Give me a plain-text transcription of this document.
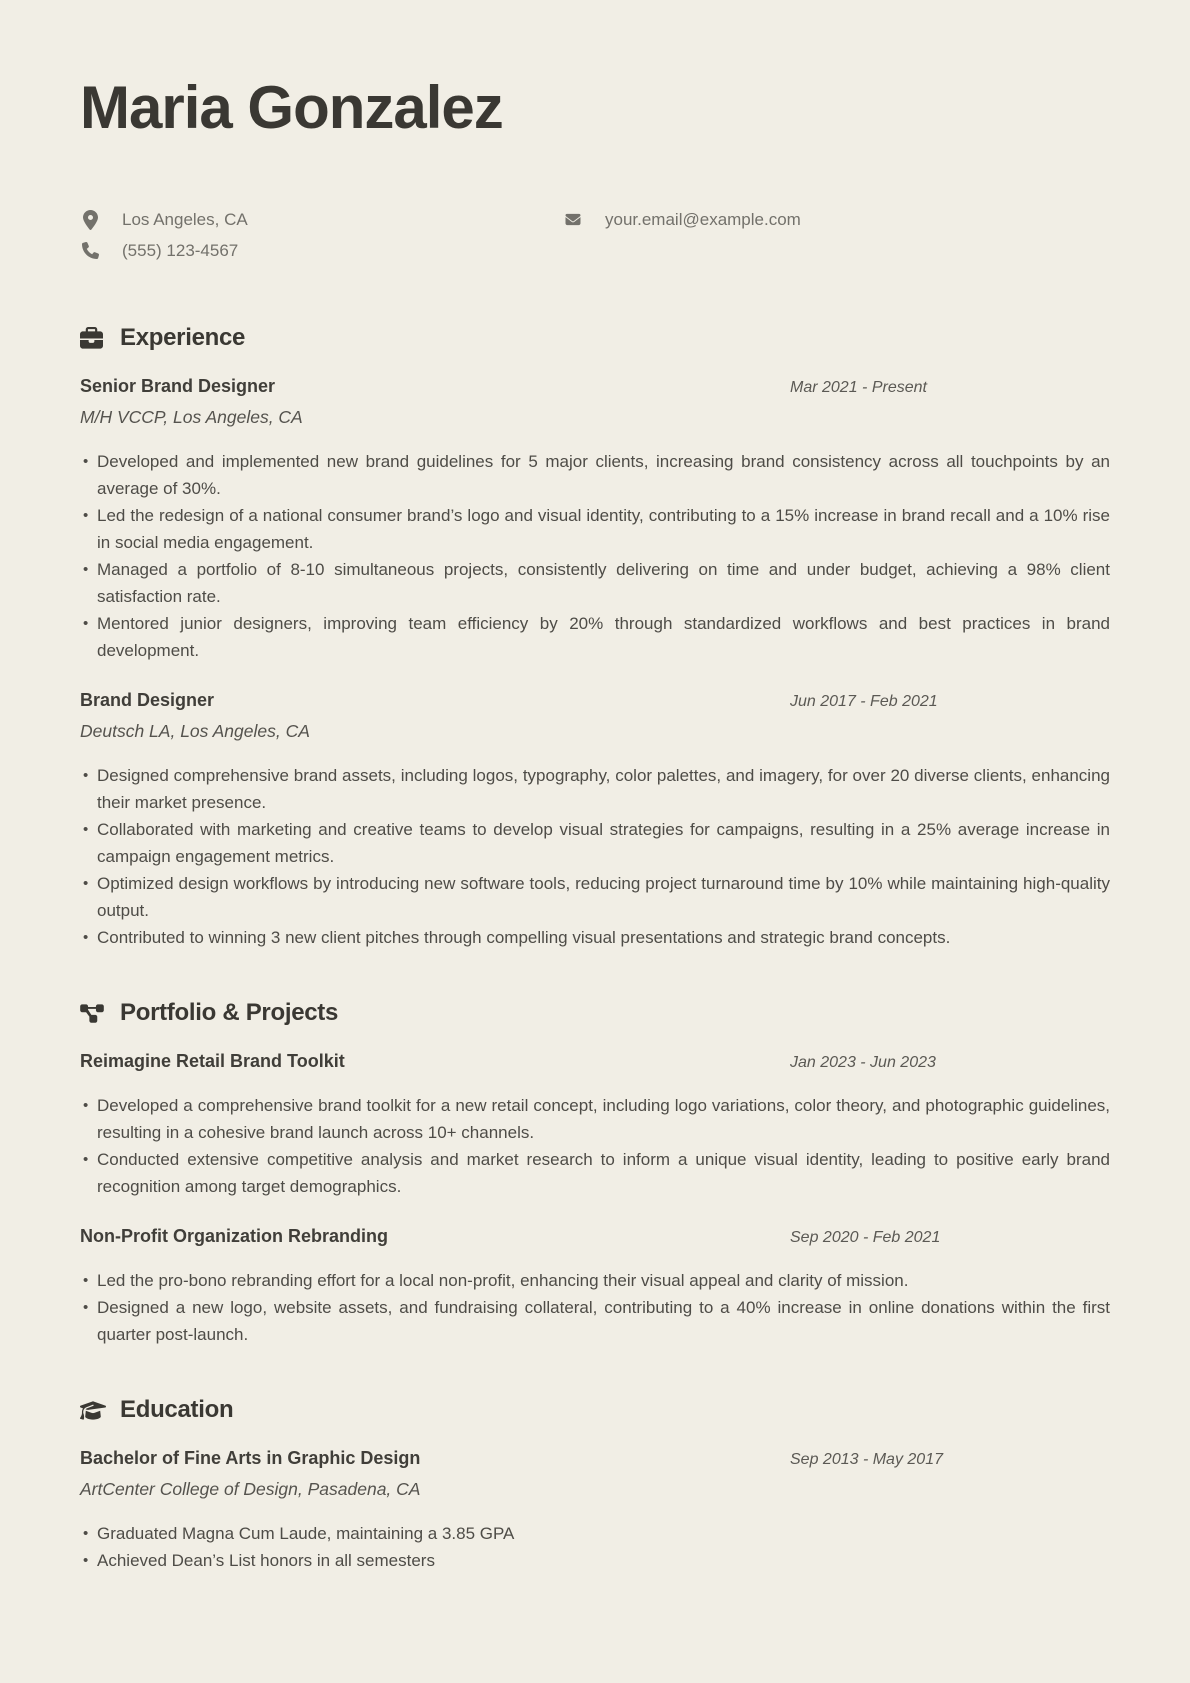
Maria Gonzalez
Los Angeles, CA
(555) 123-4567
your.email@example.com
Experience
Senior Brand Designer	Mar 2021 - Present
M/H VCCP, Los Angeles, CA
• Developed and implemented new brand guidelines for 5 major clients, increasing brand consistency across all touchpoints by an average of 30%.
• Led the redesign of a national consumer brand’s logo and visual identity, contributing to a 15% increase in brand recall and a 10% rise in social media engagement.
• Managed a portfolio of 8-10 simultaneous projects, consistently delivering on time and under budget, achieving a 98% client satisfaction rate.
• Mentored junior designers, improving team efficiency by 20% through standardized workflows and best practices in brand development.
Brand Designer	Jun 2017 - Feb 2021
Deutsch LA, Los Angeles, CA
• Designed comprehensive brand assets, including logos, typography, color palettes, and imagery, for over 20 diverse clients, enhancing their market presence.
• Collaborated with marketing and creative teams to develop visual strategies for campaigns, resulting in a 25% average increase in campaign engagement metrics.
• Optimized design workflows by introducing new software tools, reducing project turnaround time by 10% while maintaining high-quality output.
• Contributed to winning 3 new client pitches through compelling visual presentations and strategic brand concepts.
Portfolio & Projects
Reimagine Retail Brand Toolkit	Jan 2023 - Jun 2023
• Developed a comprehensive brand toolkit for a new retail concept, including logo variations, color theory, and photographic guidelines, resulting in a cohesive brand launch across 10+ channels.
• Conducted extensive competitive analysis and market research to inform a unique visual identity, leading to positive early brand recognition among target demographics.
Non-Profit Organization Rebranding	Sep 2020 - Feb 2021
• Led the pro-bono rebranding effort for a local non-profit, enhancing their visual appeal and clarity of mission.
• Designed a new logo, website assets, and fundraising collateral, contributing to a 40% increase in online donations within the first quarter post-launch.
Education
Bachelor of Fine Arts in Graphic Design	Sep 2013 - May 2017
ArtCenter College of Design, Pasadena, CA
• Graduated Magna Cum Laude, maintaining a 3.85 GPA
• Achieved Dean’s List honors in all semesters
